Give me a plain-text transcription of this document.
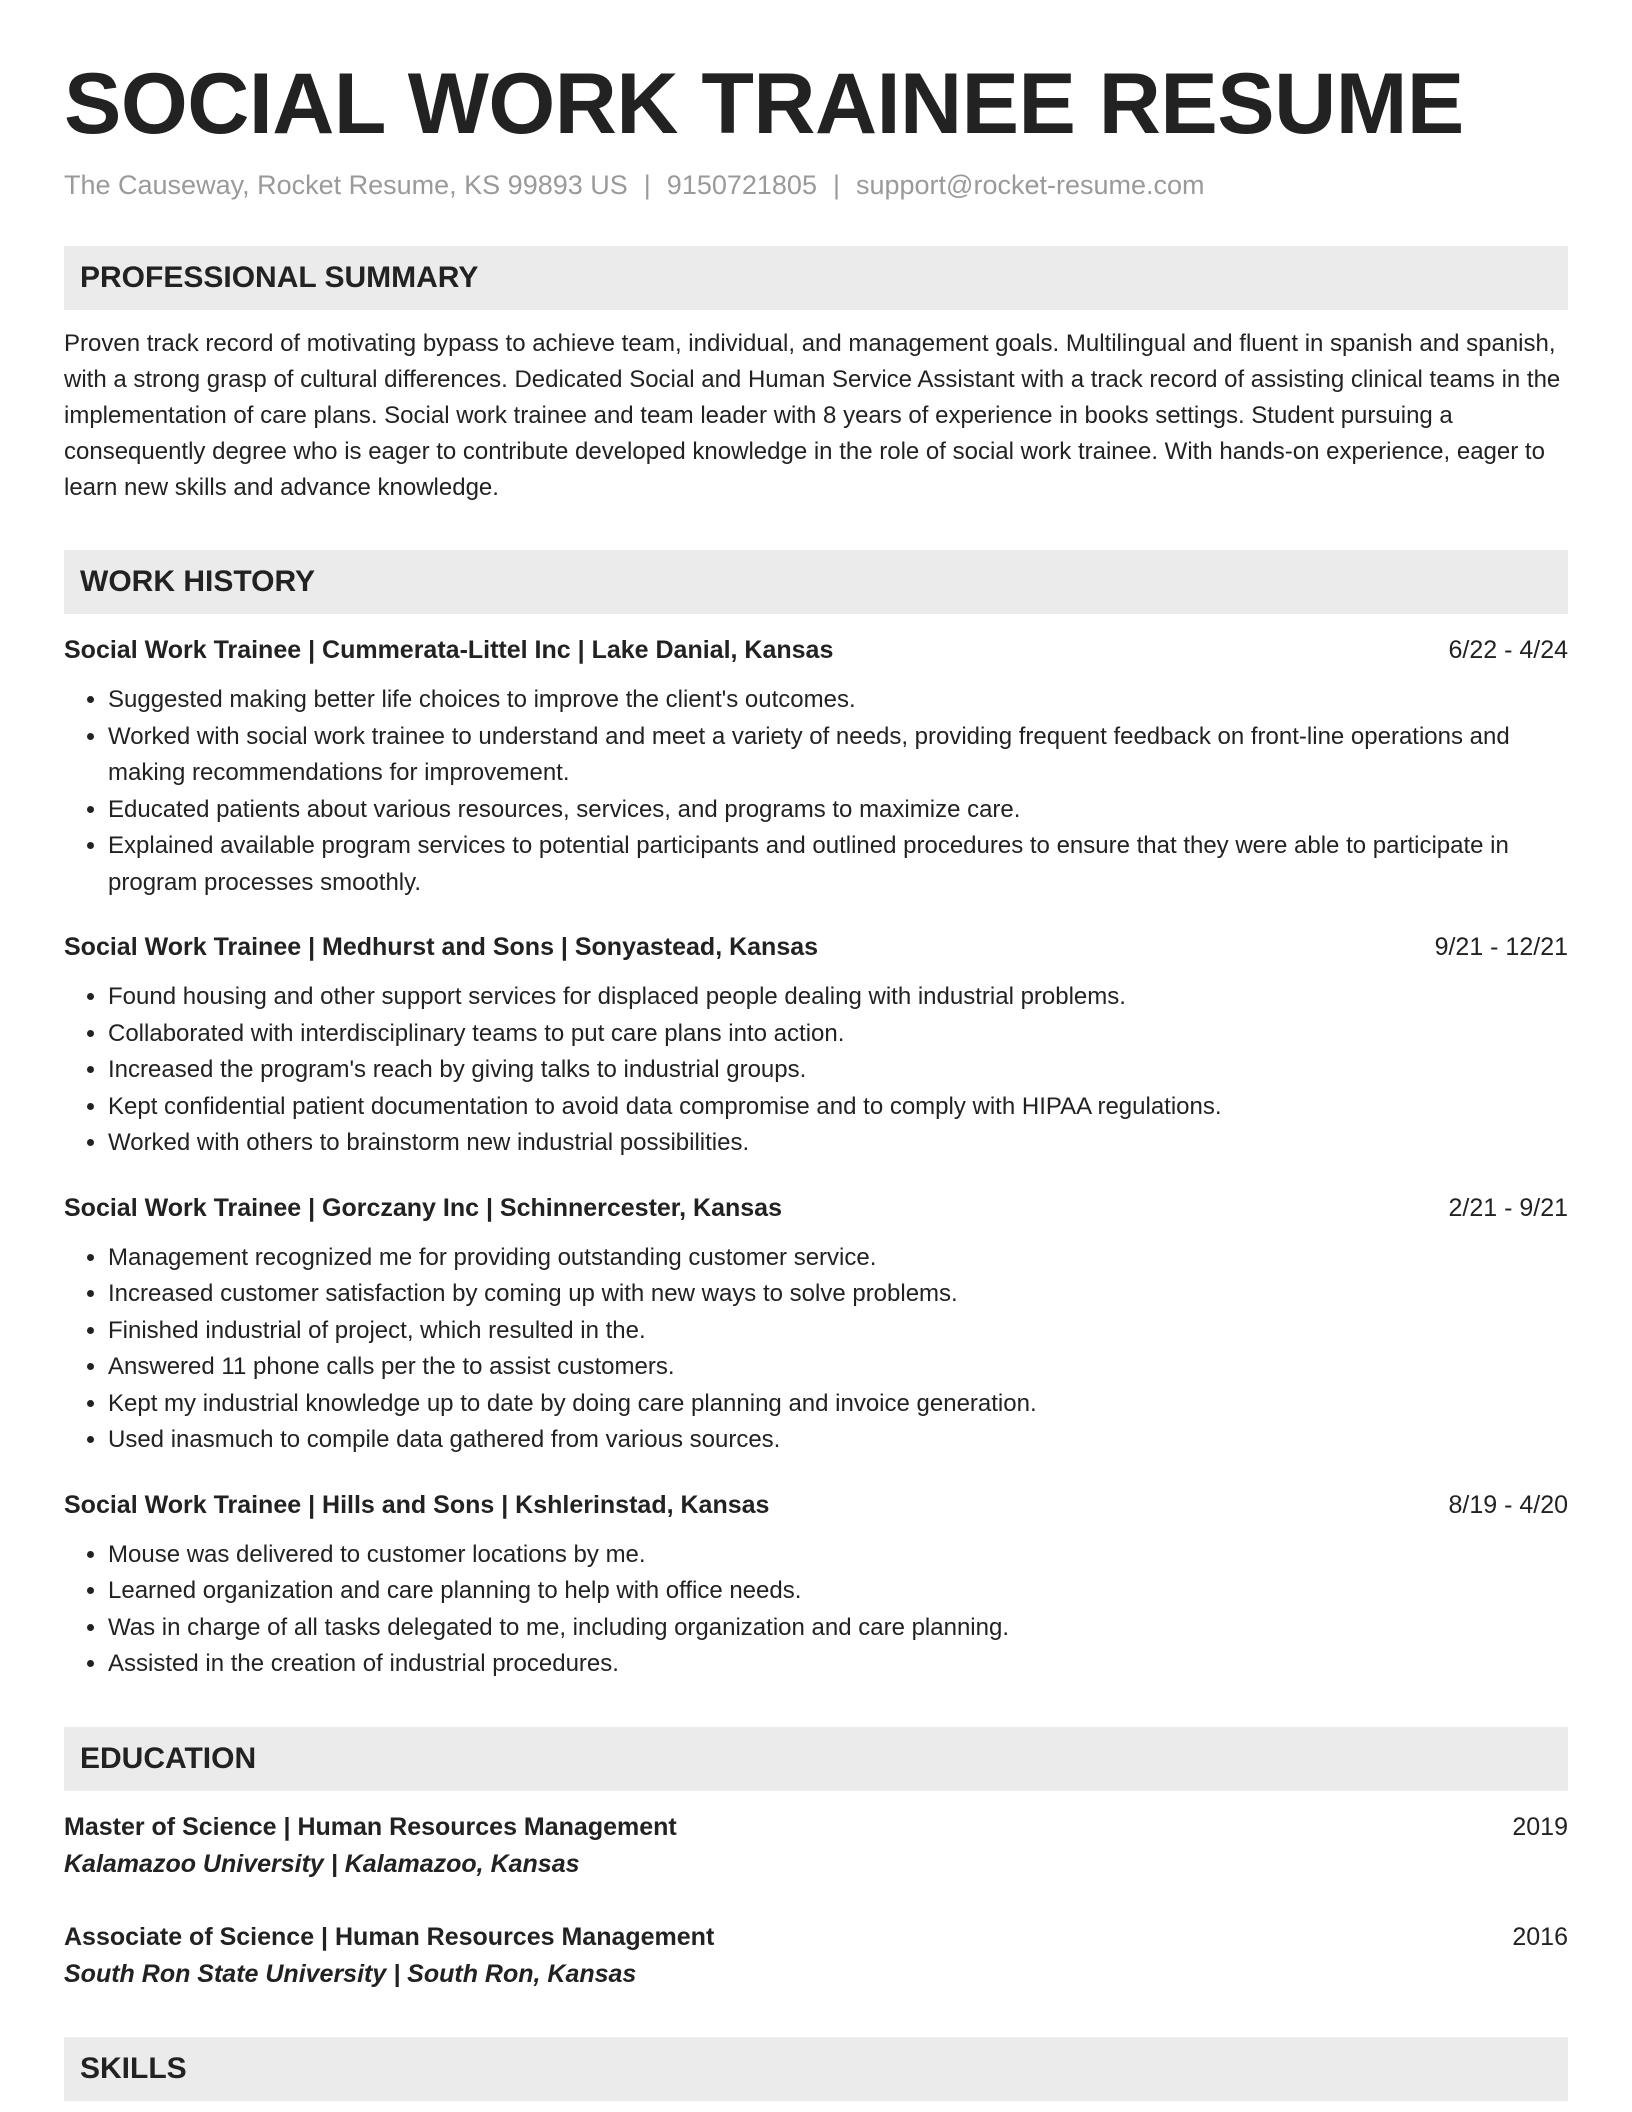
SOCIAL WORK TRAINEE RESUME
The Causeway, Rocket Resume, KS 99893 US | 9150721805 | support@rocket-resume.com
PROFESSIONAL SUMMARY

Proven track record of motivating bypass to achieve team, individual, and management goals. Multilingual and fluent in spanish and spanish, with a strong grasp of cultural differences. Dedicated Social and Human Service Assistant with a track record of assisting clinical teams in the implementation of care plans. Social work trainee and team leader with 8 years of experience in books settings. Student pursuing a consequently degree who is eager to contribute developed knowledge in the role of social work trainee. With hands-on experience, eager to learn new skills and advance knowledge.

WORK HISTORY
Social Work Trainee | Cummerata-Littel Inc | Lake Danial, Kansas	6/22 - 4/24
• Suggested making better life choices to improve the client's outcomes.
• Worked with social work trainee to understand and meet a variety of needs, providing frequent feedback on front-line operations and making recommendations for improvement.
• Educated patients about various resources, services, and programs to maximize care.
• Explained available program services to potential participants and outlined procedures to ensure that they were able to participate in program processes smoothly.
Social Work Trainee | Medhurst and Sons | Sonyastead, Kansas	9/21 - 12/21
• Found housing and other support services for displaced people dealing with industrial problems.
• Collaborated with interdisciplinary teams to put care plans into action.
• Increased the program's reach by giving talks to industrial groups.
• Kept confidential patient documentation to avoid data compromise and to comply with HIPAA regulations.
• Worked with others to brainstorm new industrial possibilities.
Social Work Trainee | Gorczany Inc | Schinnercester, Kansas	2/21 - 9/21
• Management recognized me for providing outstanding customer service.
• Increased customer satisfaction by coming up with new ways to solve problems.
• Finished industrial of project, which resulted in the.
• Answered 11 phone calls per the to assist customers.
• Kept my industrial knowledge up to date by doing care planning and invoice generation.
• Used inasmuch to compile data gathered from various sources.
Social Work Trainee | Hills and Sons | Kshlerinstad, Kansas	8/19 - 4/20
• Mouse was delivered to customer locations by me.
• Learned organization and care planning to help with office needs.
• Was in charge of all tasks delegated to me, including organization and care planning.
• Assisted in the creation of industrial procedures.
EDUCATION
Master of Science | Human Resources Management	2019
Kalamazoo University | Kalamazoo, Kansas
Associate of Science | Human Resources Management	2016
South Ron State University | South Ron, Kansas
SKILLS
